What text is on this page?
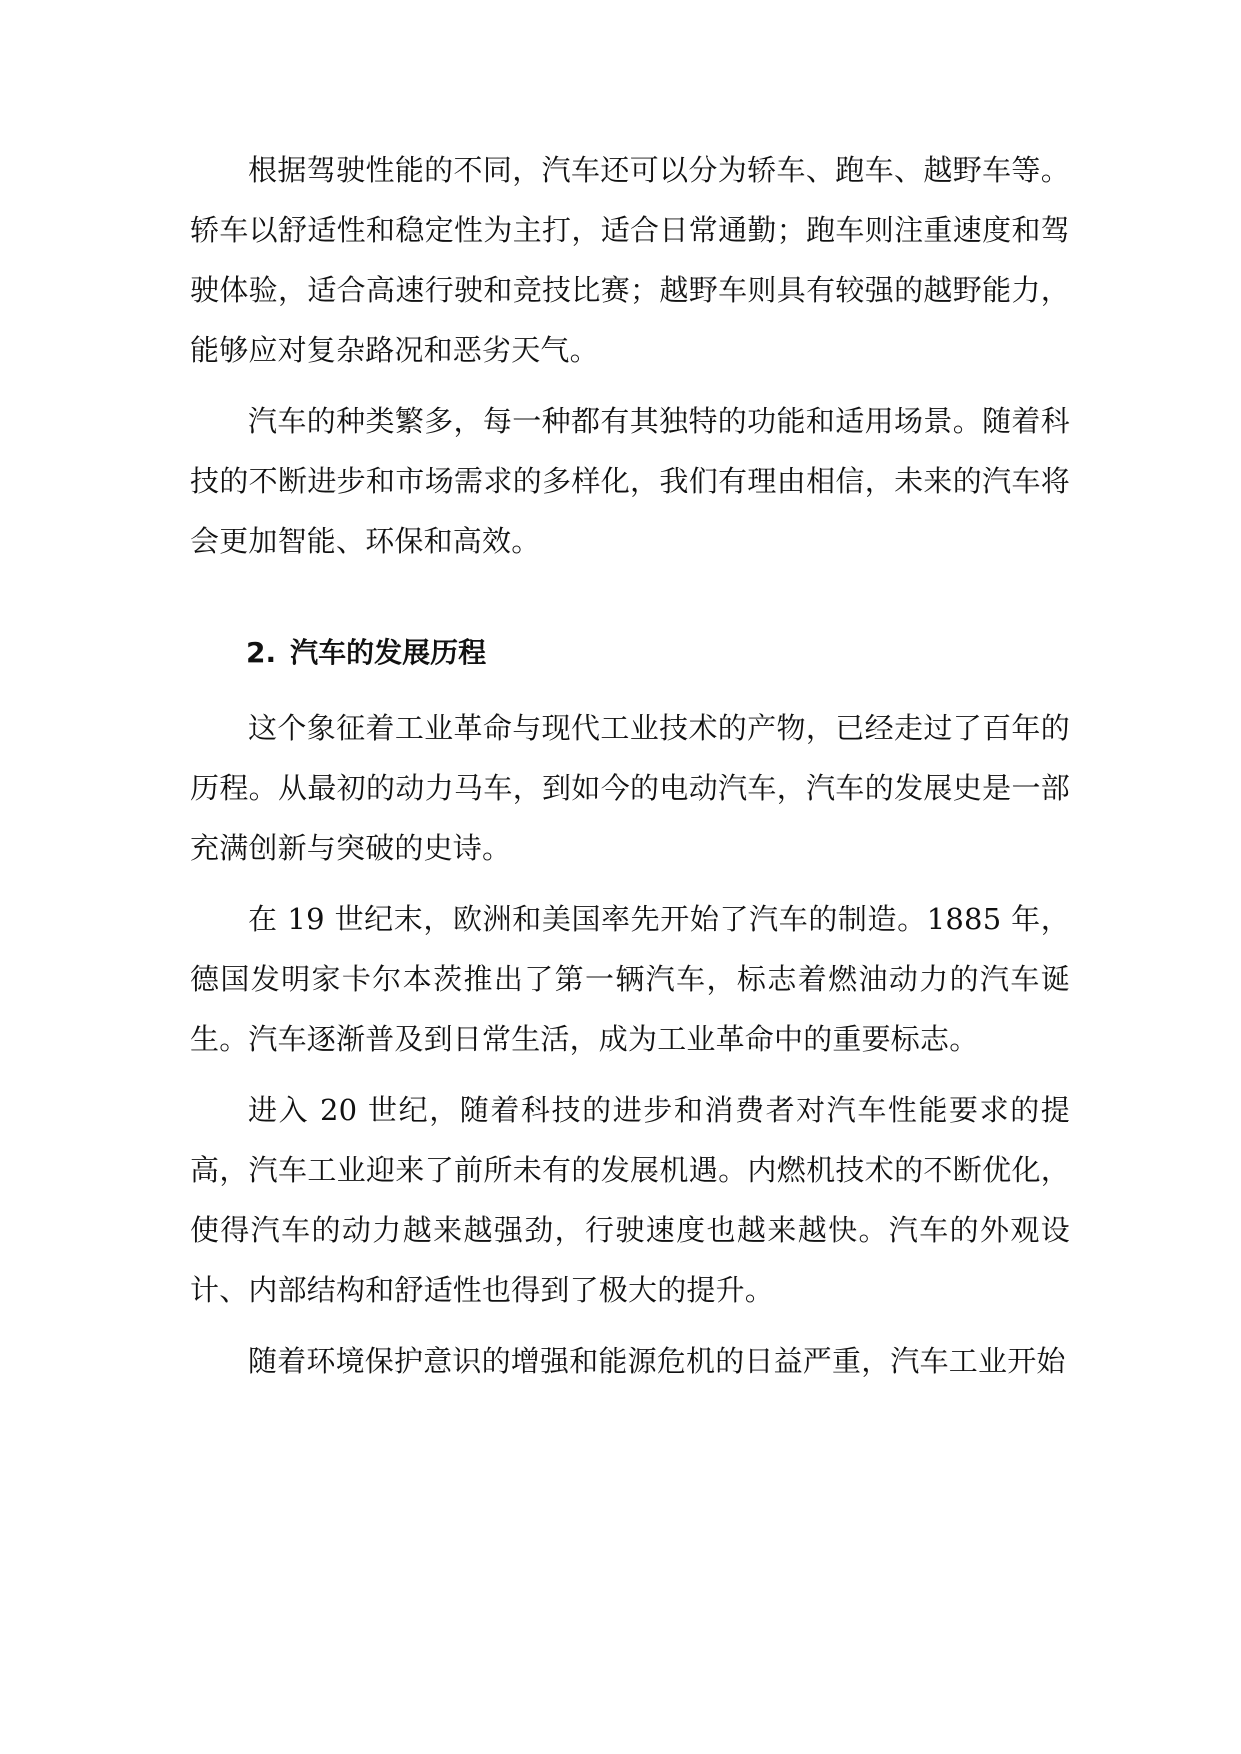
根据驾驶性能的不同，汽车还可以分为轿车、跑车、越野车等。轿车以舒适性和稳定性为主打，适合日常通勤；跑车则注重速度和驾驶体验，适合高速行驶和竞技比赛；越野车则具有较强的越野能力，能够应对复杂路况和恶劣天气。

汽车的种类繁多，每一种都有其独特的功能和适用场景。随着科技的不断进步和市场需求的多样化，我们有理由相信，未来的汽车将会更加智能、环保和高效。

2. 汽车的发展历程

这个象征着工业革命与现代工业技术的产物，已经走过了百年的历程。从最初的动力马车，到如今的电动汽车，汽车的发展史是一部充满创新与突破的史诗。

在 19 世纪末，欧洲和美国率先开始了汽车的制造。1885 年，德国发明家卡尔本茨推出了第一辆汽车，标志着燃油动力的汽车诞生。汽车逐渐普及到日常生活，成为工业革命中的重要标志。

进入 20 世纪，随着科技的进步和消费者对汽车性能要求的提高，汽车工业迎来了前所未有的发展机遇。内燃机技术的不断优化，使得汽车的动力越来越强劲，行驶速度也越来越快。汽车的外观设计、内部结构和舒适性也得到了极大的提升。

随着环境保护意识的增强和能源危机的日益严重，汽车工业开始
